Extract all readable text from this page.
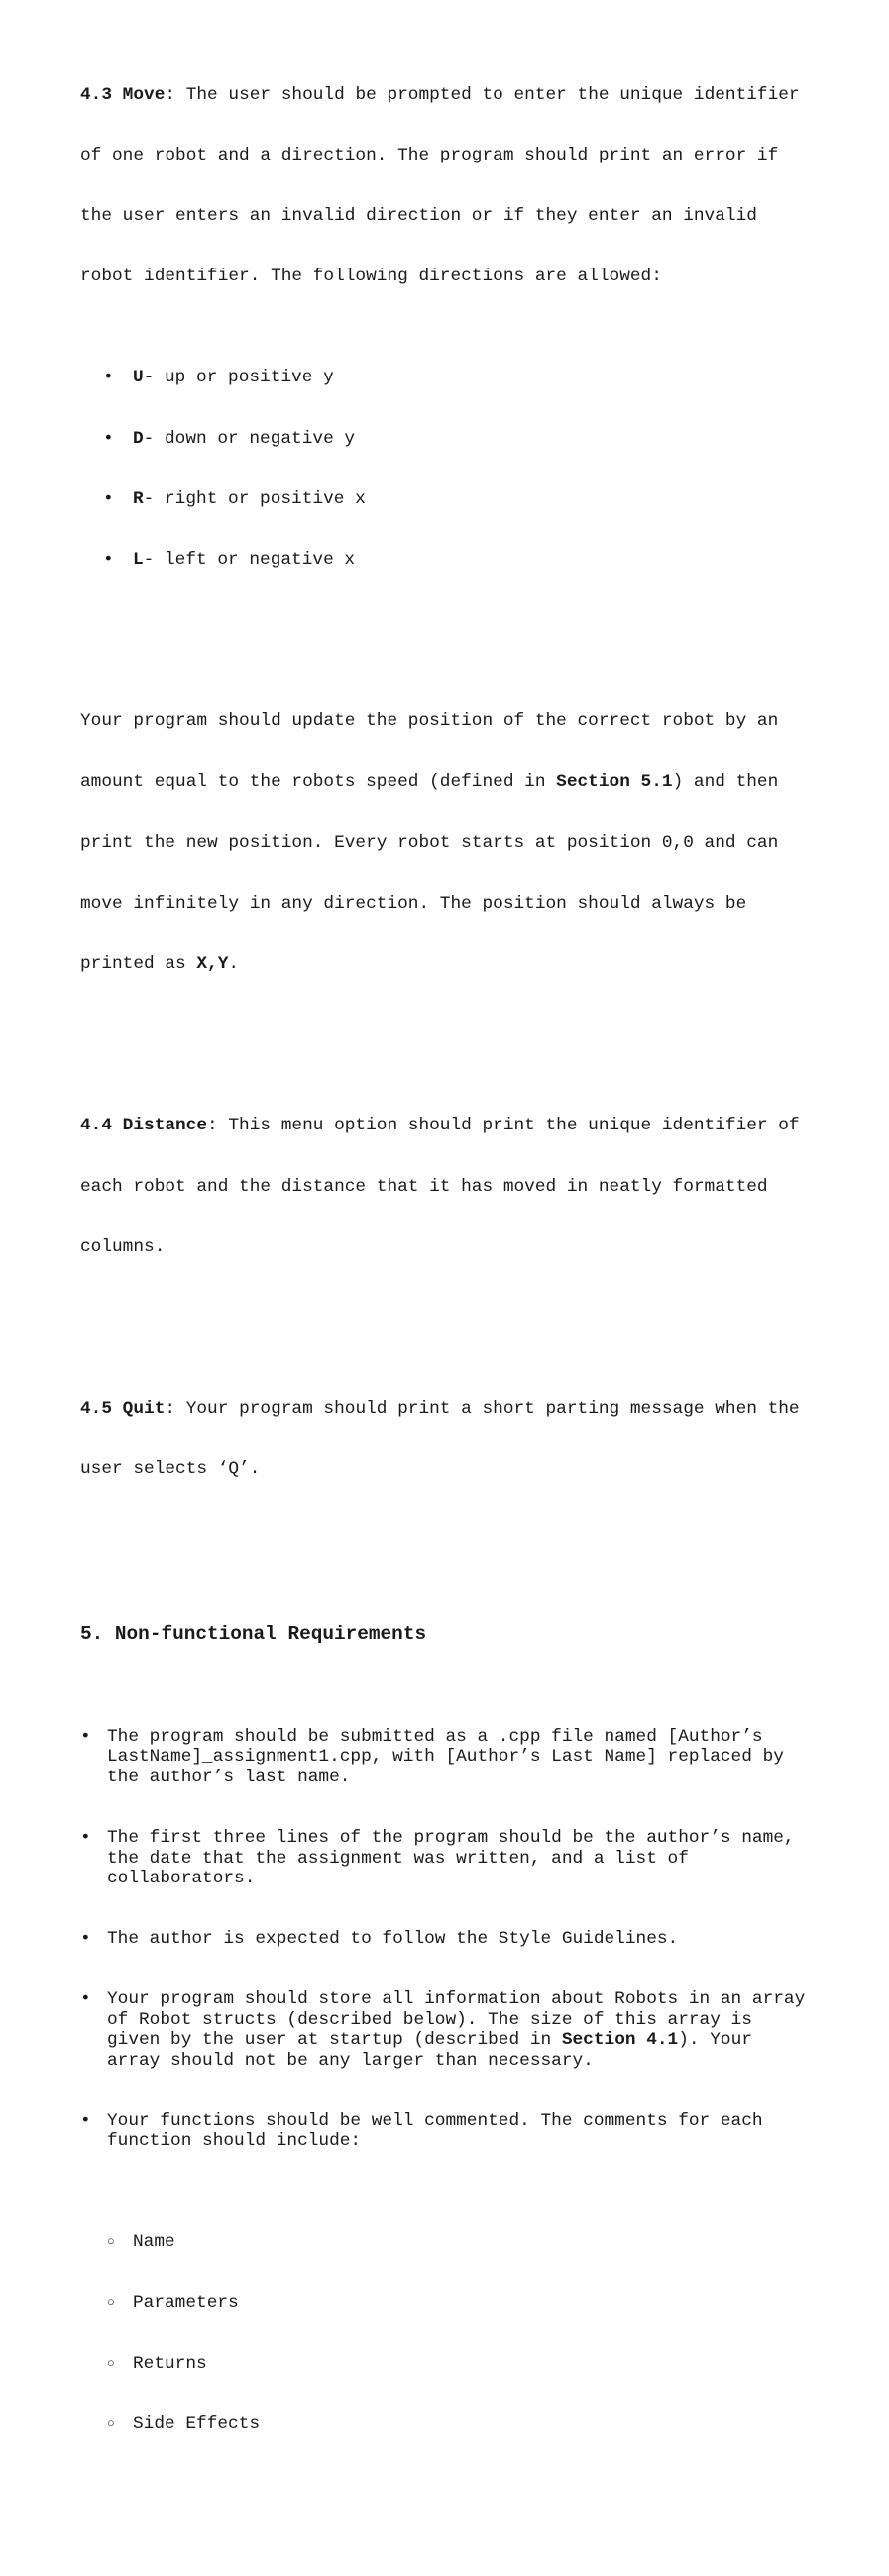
4.3 Move: The user should be prompted to enter the unique identifier

of one robot and a direction. The program should print an error if

the user enters an invalid direction or if they enter an invalid

robot identifier. The following directions are allowed:

• U- up or positive y

• D- down or negative y

• R- right or positive x

• L- left or negative x

Your program should update the position of the correct robot by an

amount equal to the robots speed (defined in Section 5.1) and then

print the new position. Every robot starts at position 0,0 and can

move infinitely in any direction. The position should always be

printed as X,Y.

4.4 Distance: This menu option should print the unique identifier of

each robot and the distance that it has moved in neatly formatted

columns.

4.5 Quit: Your program should print a short parting message when the

user selects ‘Q’.

5. Non-functional Requirements

• The program should be submitted as a .cpp file named [Author’s
LastName]_assignment1.cpp, with [Author’s Last Name] replaced by
the author’s last name.

• The first three lines of the program should be the author’s name,
the date that the assignment was written, and a list of
collaborators.

• The author is expected to follow the Style Guidelines.

• Your program should store all information about Robots in an array
of Robot structs (described below). The size of this array is
given by the user at startup (described in Section 4.1). Your
array should not be any larger than necessary.

• Your functions should be well commented. The comments for each
function should include:

○ Name

○ Parameters

○ Returns

○ Side Effects
